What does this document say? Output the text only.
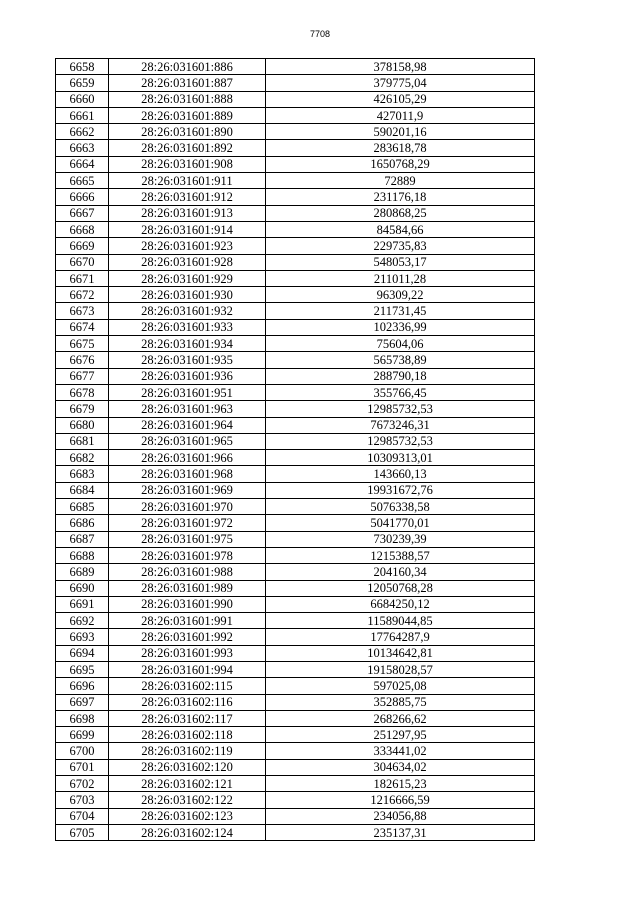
7708
6658	28:26:031601:886	378158,98
6659	28:26:031601:887	379775,04
6660	28:26:031601:888	426105,29
6661	28:26:031601:889	427011,9
6662	28:26:031601:890	590201,16
6663	28:26:031601:892	283618,78
6664	28:26:031601:908	1650768,29
6665	28:26:031601:911	72889
6666	28:26:031601:912	231176,18
6667	28:26:031601:913	280868,25
6668	28:26:031601:914	84584,66
6669	28:26:031601:923	229735,83
6670	28:26:031601:928	548053,17
6671	28:26:031601:929	211011,28
6672	28:26:031601:930	96309,22
6673	28:26:031601:932	211731,45
6674	28:26:031601:933	102336,99
6675	28:26:031601:934	75604,06
6676	28:26:031601:935	565738,89
6677	28:26:031601:936	288790,18
6678	28:26:031601:951	355766,45
6679	28:26:031601:963	12985732,53
6680	28:26:031601:964	7673246,31
6681	28:26:031601:965	12985732,53
6682	28:26:031601:966	10309313,01
6683	28:26:031601:968	143660,13
6684	28:26:031601:969	19931672,76
6685	28:26:031601:970	5076338,58
6686	28:26:031601:972	5041770,01
6687	28:26:031601:975	730239,39
6688	28:26:031601:978	1215388,57
6689	28:26:031601:988	204160,34
6690	28:26:031601:989	12050768,28
6691	28:26:031601:990	6684250,12
6692	28:26:031601:991	11589044,85
6693	28:26:031601:992	17764287,9
6694	28:26:031601:993	10134642,81
6695	28:26:031601:994	19158028,57
6696	28:26:031602:115	597025,08
6697	28:26:031602:116	352885,75
6698	28:26:031602:117	268266,62
6699	28:26:031602:118	251297,95
6700	28:26:031602:119	333441,02
6701	28:26:031602:120	304634,02
6702	28:26:031602:121	182615,23
6703	28:26:031602:122	1216666,59
6704	28:26:031602:123	234056,88
6705	28:26:031602:124	235137,31
